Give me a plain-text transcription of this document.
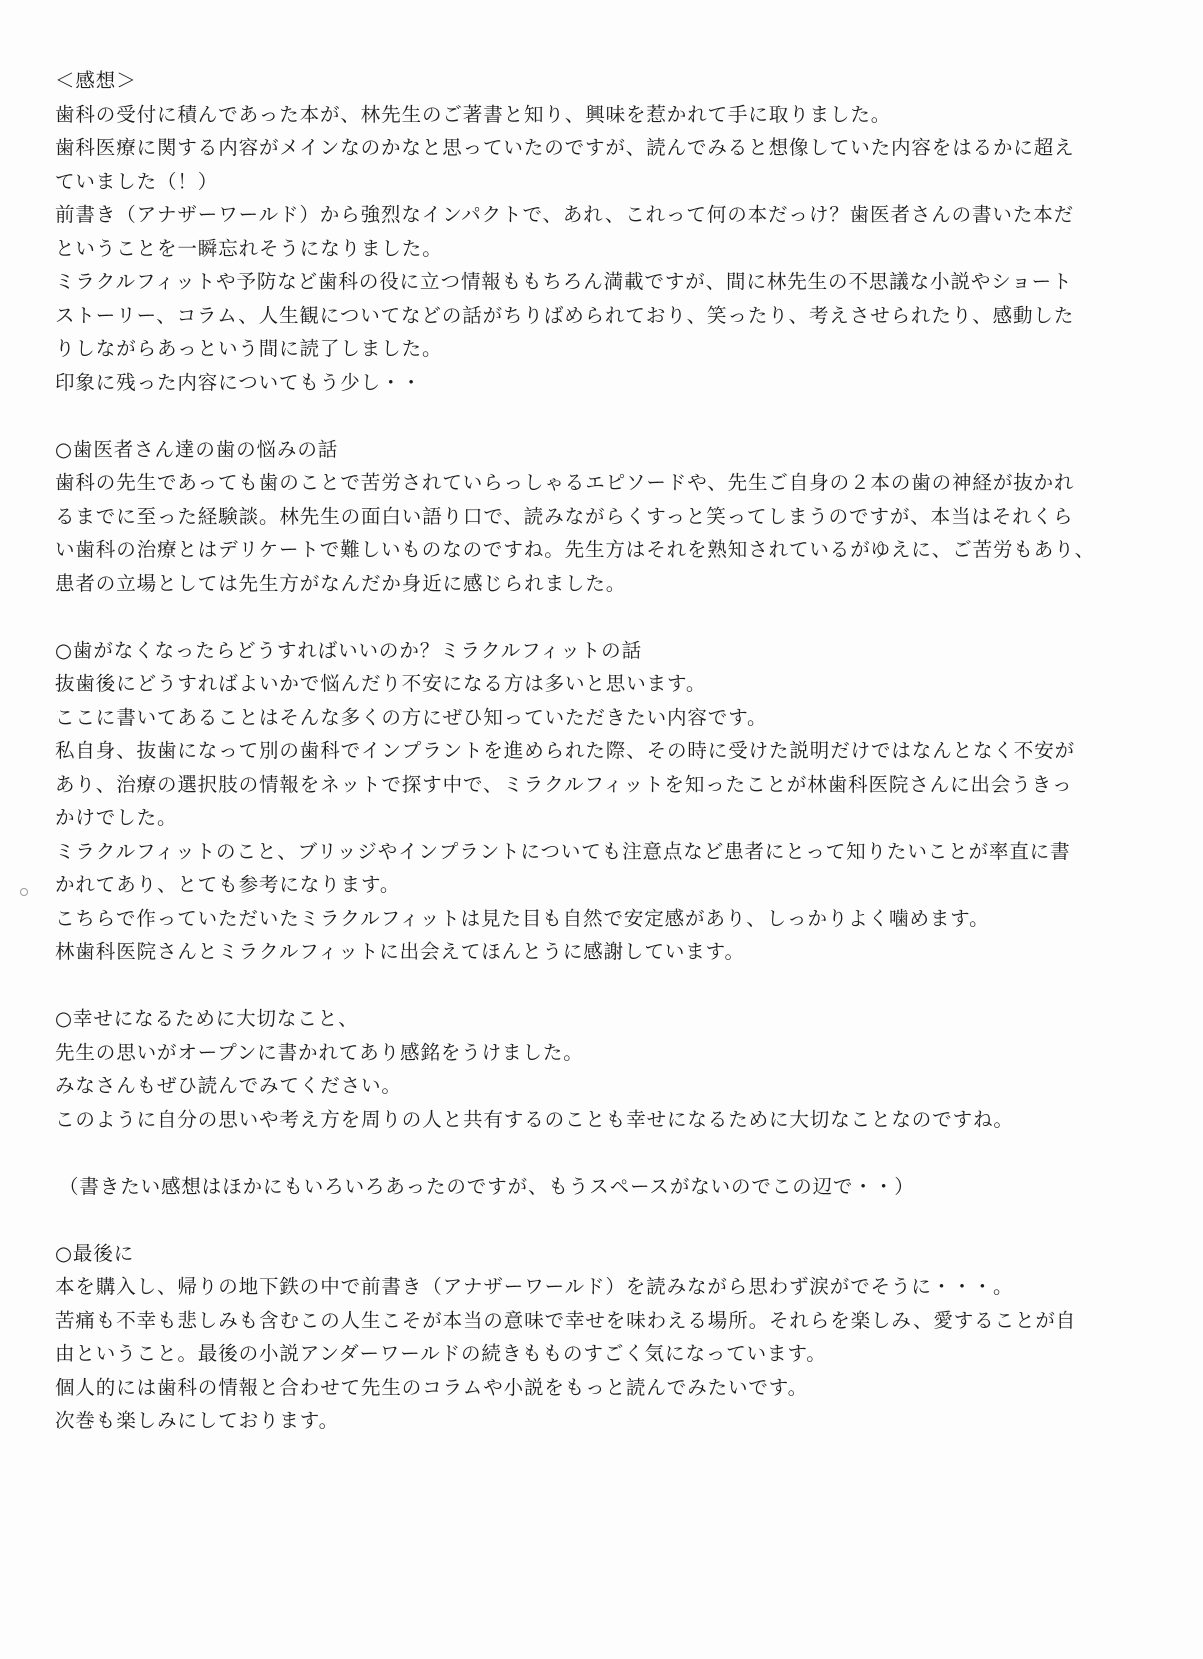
＜感想＞
歯科の受付に積んであった本が、林先生のご著書と知り、興味を惹かれて手に取りました。
歯科医療に関する内容がメインなのかなと思っていたのですが、読んでみると想像していた内容をはるかに超え
ていました（！）
前書き（アナザーワールド）から強烈なインパクトで、あれ、これって何の本だっけ？歯医者さんの書いた本だ
ということを一瞬忘れそうになりました。
ミラクルフィットや予防など歯科の役に立つ情報ももちろん満載ですが、間に林先生の不思議な小説やショート
ストーリー、コラム、人生観についてなどの話がちりばめられており、笑ったり、考えさせられたり、感動した
りしながらあっという間に読了しました。
印象に残った内容についてもう少し・・
○歯医者さん達の歯の悩みの話
歯科の先生であっても歯のことで苦労されていらっしゃるエピソードや、先生ご自身の２本の歯の神経が抜かれ
るまでに至った経験談。林先生の面白い語り口で、読みながらくすっと笑ってしまうのですが、本当はそれくら
い歯科の治療とはデリケートで難しいものなのですね。先生方はそれを熟知されているがゆえに、ご苦労もあり、
患者の立場としては先生方がなんだか身近に感じられました。
○歯がなくなったらどうすればいいのか？ミラクルフィットの話
抜歯後にどうすればよいかで悩んだり不安になる方は多いと思います。
ここに書いてあることはそんな多くの方にぜひ知っていただきたい内容です。
私自身、抜歯になって別の歯科でインプラントを進められた際、その時に受けた説明だけではなんとなく不安が
あり、治療の選択肢の情報をネットで探す中で、ミラクルフィットを知ったことが林歯科医院さんに出会うきっ
かけでした。
ミラクルフィットのこと、ブリッジやインプラントについても注意点など患者にとって知りたいことが率直に書
かれてあり、とても参考になります。
こちらで作っていただいたミラクルフィットは見た目も自然で安定感があり、しっかりよく噛めます。
林歯科医院さんとミラクルフィットに出会えてほんとうに感謝しています。
○幸せになるために大切なこと、
先生の思いがオープンに書かれてあり感銘をうけました。
みなさんもぜひ読んでみてください。
このように自分の思いや考え方を周りの人と共有するのことも幸せになるために大切なことなのですね。
（書きたい感想はほかにもいろいろあったのですが、もうスペースがないのでこの辺で・・）
○最後に
本を購入し、帰りの地下鉄の中で前書き（アナザーワールド）を読みながら思わず涙がでそうに・・・。
苦痛も不幸も悲しみも含むこの人生こそが本当の意味で幸せを味わえる場所。それらを楽しみ、愛することが自
由ということ。最後の小説アンダーワールドの続きもものすごく気になっています。
個人的には歯科の情報と合わせて先生のコラムや小説をもっと読んでみたいです。
次巻も楽しみにしております。
